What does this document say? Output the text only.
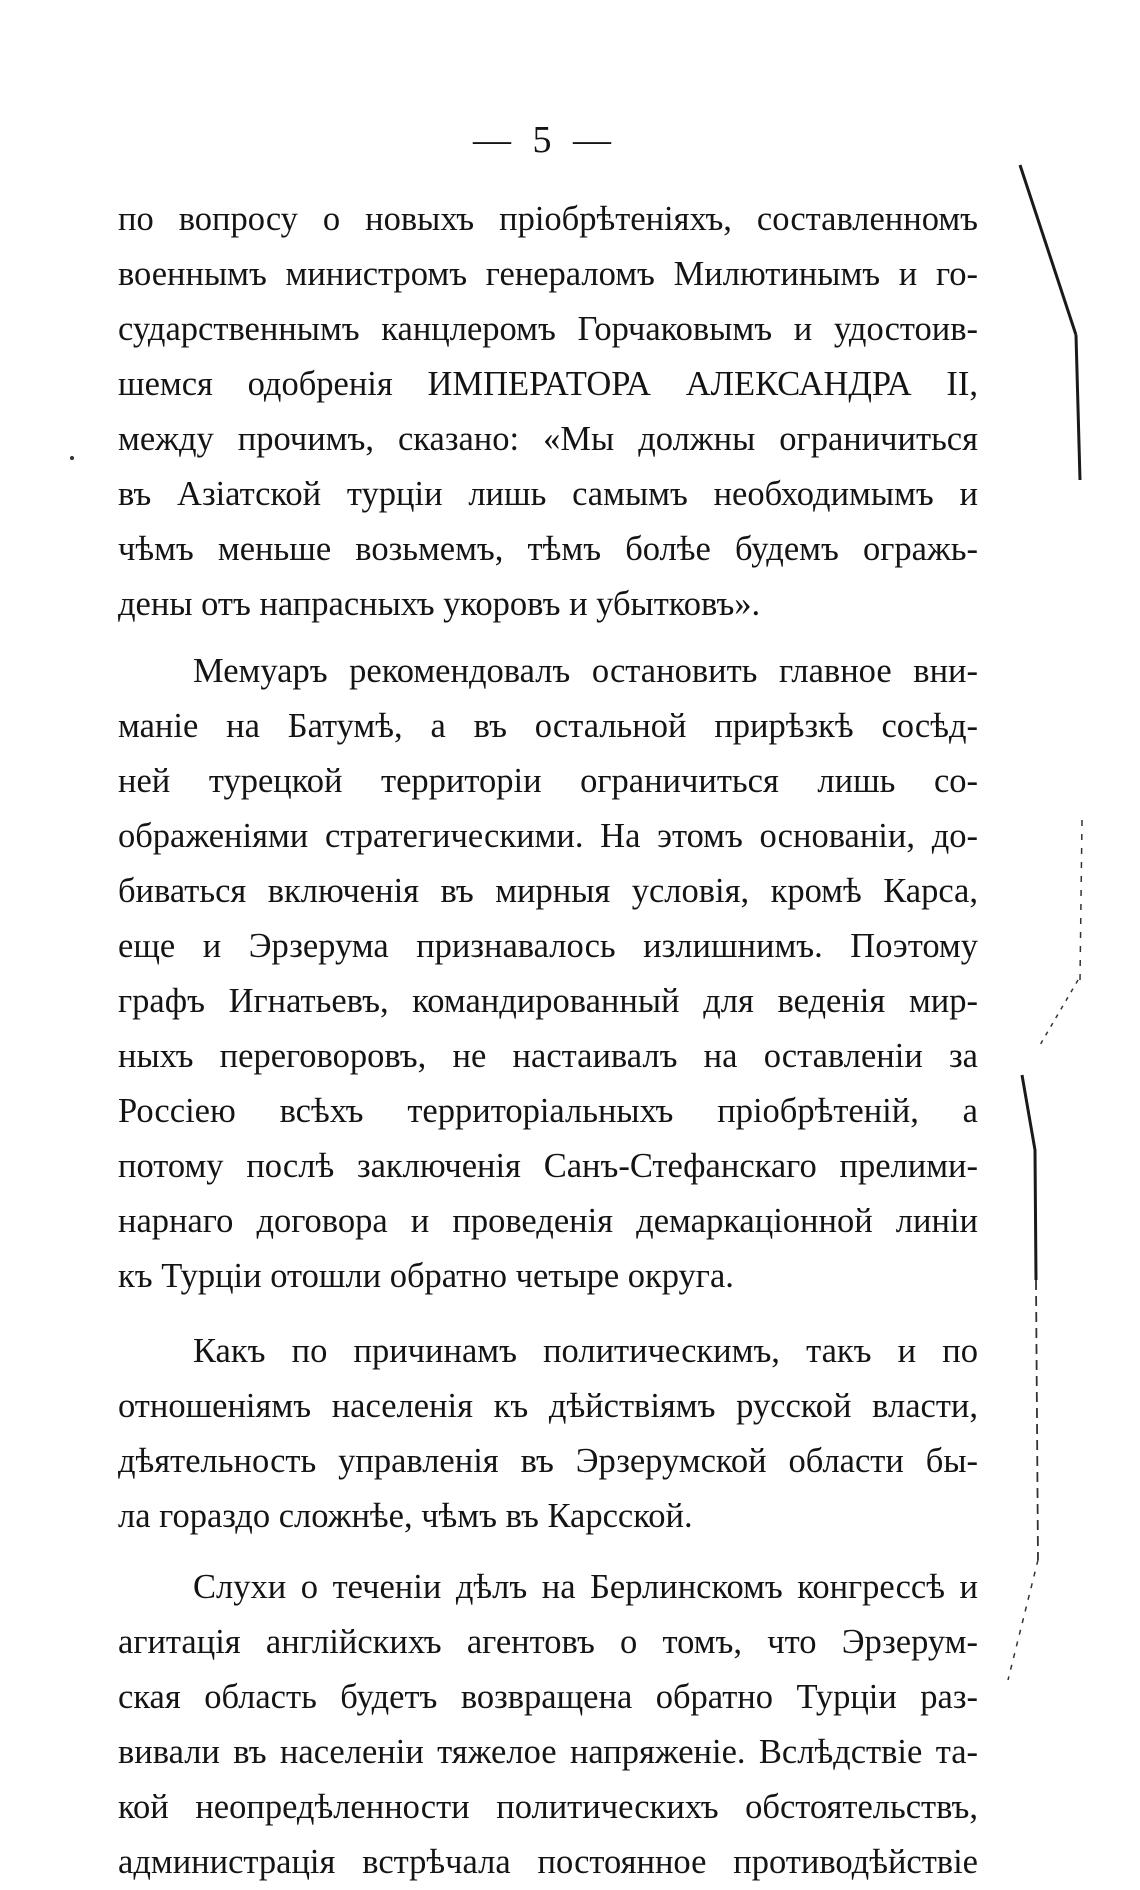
— 5 —
по вопросу о новыхъ пріобрѣтеніяхъ, составленномъ
военнымъ министромъ генераломъ Милютинымъ и го-
сударственнымъ канцлеромъ Горчаковымъ и удостоив-
шемся одобренія ИМПЕРАТОРА АЛЕКСАНДРА II,
между прочимъ, сказано: «Мы должны ограничиться
въ Азіатской турціи лишь самымъ необходимымъ и
чѣмъ меньше возьмемъ, тѣмъ болѣе будемъ огражь-
дены отъ напрасныхъ укоровъ и убытковъ».
Мемуаръ рекомендовалъ остановить главное вни-
маніе на Батумѣ, а въ остальной прирѣзкѣ сосѣд-
ней турецкой территоріи ограничиться лишь со-
ображеніями стратегическими. На этомъ основаніи, до-
биваться включенія въ мирныя условія, кромѣ Карса,
еще и Эрзерума признавалось излишнимъ. Поэтому
графъ Игнатьевъ, командированный для веденія мир-
ныхъ переговоровъ, не настаивалъ на оставленіи за
Россіею всѣхъ территоріальныхъ пріобрѣтеній, а
потому послѣ заключенія Санъ-Стефанскаго прелими-
нарнаго договора и проведенія демаркаціонной линіи
къ Турціи отошли обратно четыре округа.
Какъ по причинамъ политическимъ, такъ и по
отношеніямъ населенія къ дѣйствіямъ русской власти,
дѣятельность управленія въ Эрзерумской области бы-
ла гораздо сложнѣе, чѣмъ въ Карсской.
Слухи о теченіи дѣлъ на Берлинскомъ конгрессѣ и
агитація англійскихъ агентовъ о томъ, что Эрзерум-
ская область будетъ возвращена обратно Турціи раз-
вивали въ населеніи тяжелое напряженіе. Вслѣдствіе та-
кой неопредѣленности политическихъ обстоятельствъ,
администрація встрѣчала постоянное противодѣйствіе
